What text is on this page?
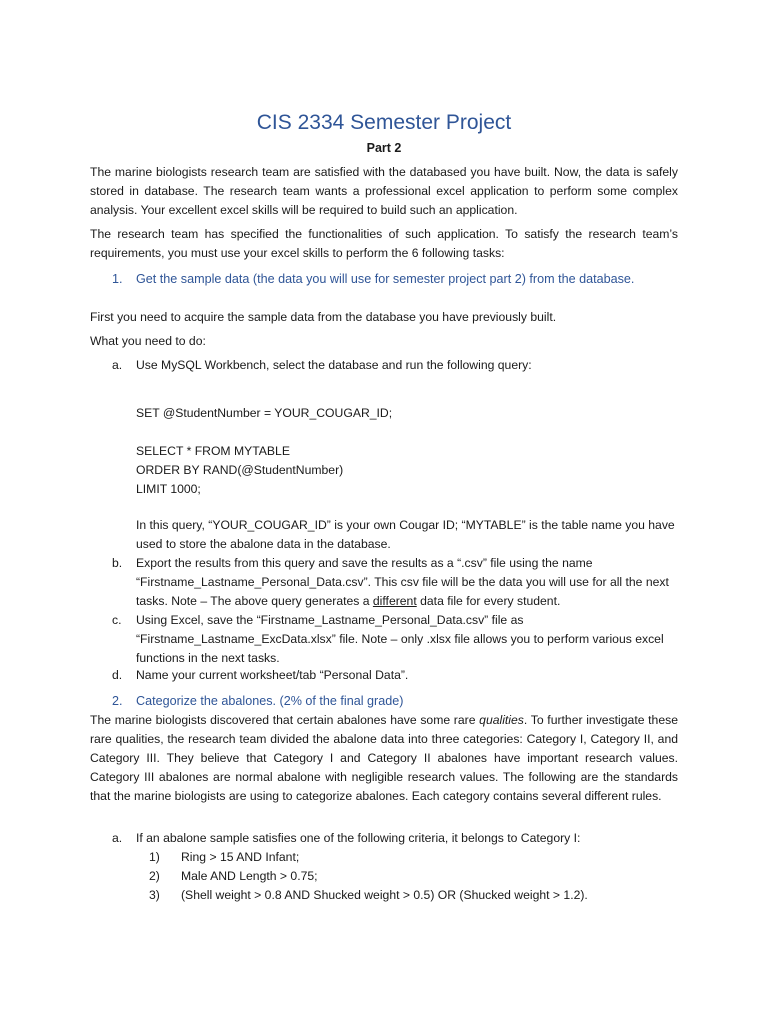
CIS 2334 Semester Project
Part 2
The marine biologists research team are satisfied with the databased you have built. Now, the data is safely stored in database. The research team wants a professional excel application to perform some complex analysis. Your excellent excel skills will be required to build such an application.
The research team has specified the functionalities of such application. To satisfy the research team’s requirements, you must use your excel skills to perform the 6 following tasks:
1.	Get the sample data (the data you will use for semester project part 2) from the database.
First you need to acquire the sample data from the database you have previously built.
What you need to do:
a.	Use MySQL Workbench, select the database and run the following query:
SET @StudentNumber = YOUR_COUGAR_ID;
SELECT * FROM MYTABLE
ORDER BY RAND(@StudentNumber)
LIMIT 1000;
In this query, “YOUR_COUGAR_ID” is your own Cougar ID; “MYTABLE” is the table name you have used to store the abalone data in the database.
b.	Export the results from this query and save the results as a “.csv” file using the name “Firstname_Lastname_Personal_Data.csv”. This csv file will be the data you will use for all the next tasks. Note – The above query generates a different data file for every student.
c.	Using Excel, save the “Firstname_Lastname_Personal_Data.csv” file as “Firstname_Lastname_ExcData.xlsx” file. Note – only .xlsx file allows you to perform various excel functions in the next tasks.
d.	Name your current worksheet/tab “Personal Data”.
2.	Categorize the abalones. (2% of the final grade)
The marine biologists discovered that certain abalones have some rare qualities. To further investigate these rare qualities, the research team divided the abalone data into three categories: Category I, Category II, and Category III. They believe that Category I and Category II abalones have important research values. Category III abalones are normal abalone with negligible research values. The following are the standards that the marine biologists are using to categorize abalones. Each category contains several different rules.
a.	If an abalone sample satisfies one of the following criteria, it belongs to Category I:
1)	Ring > 15 AND Infant;
2)	Male AND Length > 0.75;
3)	(Shell weight > 0.8 AND Shucked weight > 0.5) OR (Shucked weight > 1.2).
